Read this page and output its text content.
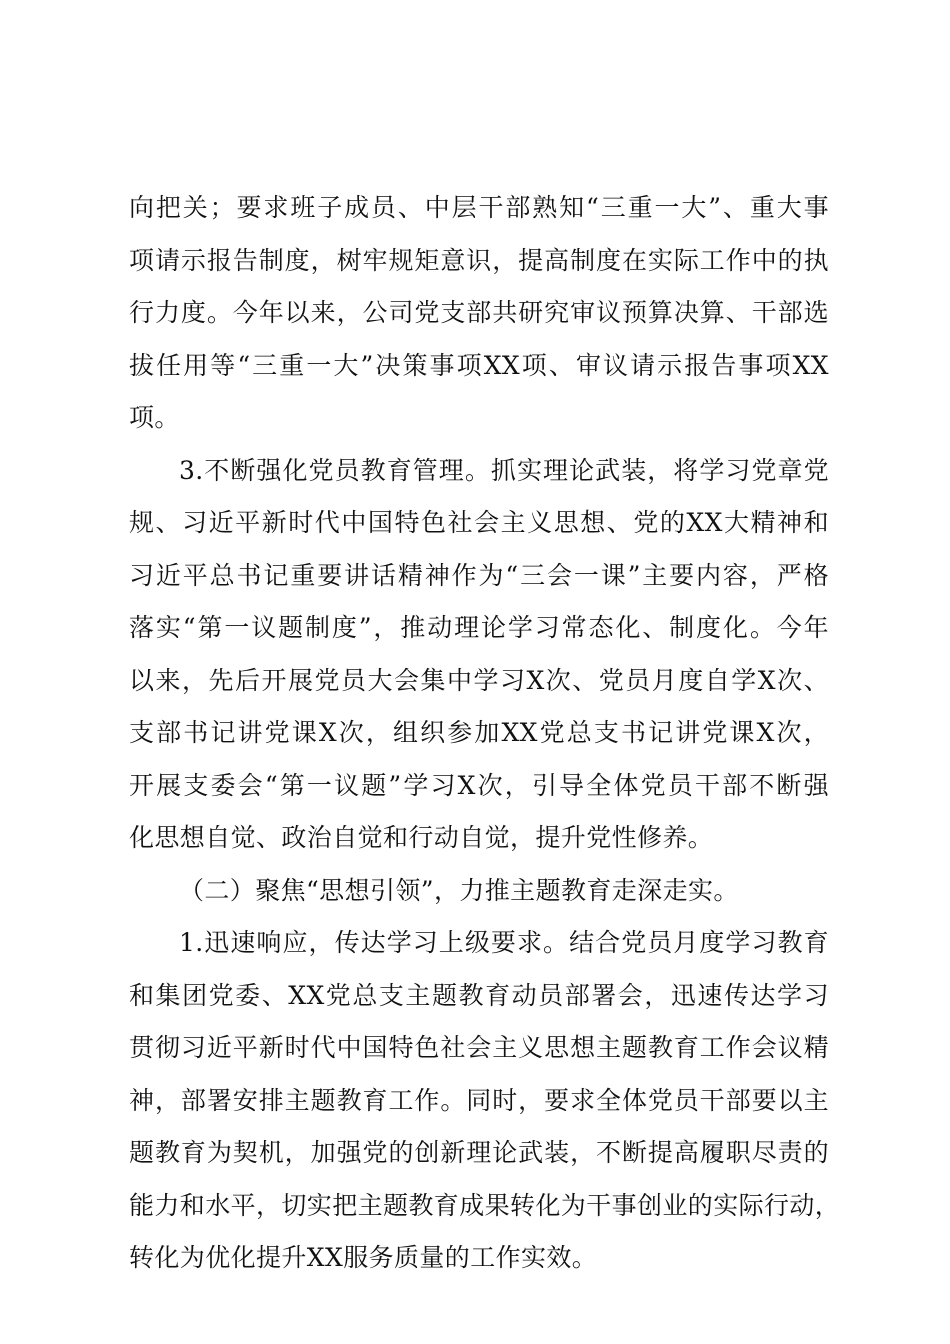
向把关；要求班子成员、中层干部熟知“三重一大”、重大事
项请示报告制度，树牢规矩意识，提高制度在实际工作中的执
行力度。今年以来，公司党支部共研究审议预算决算、干部选
拔任用等“三重一大”决策事项XX项、审议请示报告事项XX
项。

3.不断强化党员教育管理。抓实理论武装，将学习党章党
规、习近平新时代中国特色社会主义思想、党的XX大精神和
习近平总书记重要讲话精神作为“三会一课”主要内容，严格
落实“第一议题制度”，推动理论学习常态化、制度化。今年
以来，先后开展党员大会集中学习X次、党员月度自学X次、
支部书记讲党课X次，组织参加XX党总支书记讲党课X次，
开展支委会“第一议题”学习X次，引导全体党员干部不断强
化思想自觉、政治自觉和行动自觉，提升党性修养。

（二）聚焦“思想引领”，力推主题教育走深走实。

1.迅速响应，传达学习上级要求。结合党员月度学习教育
和集团党委、XX党总支主题教育动员部署会，迅速传达学习
贯彻习近平新时代中国特色社会主义思想主题教育工作会议精
神，部署安排主题教育工作。同时，要求全体党员干部要以主
题教育为契机，加强党的创新理论武装，不断提高履职尽责的
能力和水平，切实把主题教育成果转化为干事创业的实际行动，
转化为优化提升XX服务质量的工作实效。
